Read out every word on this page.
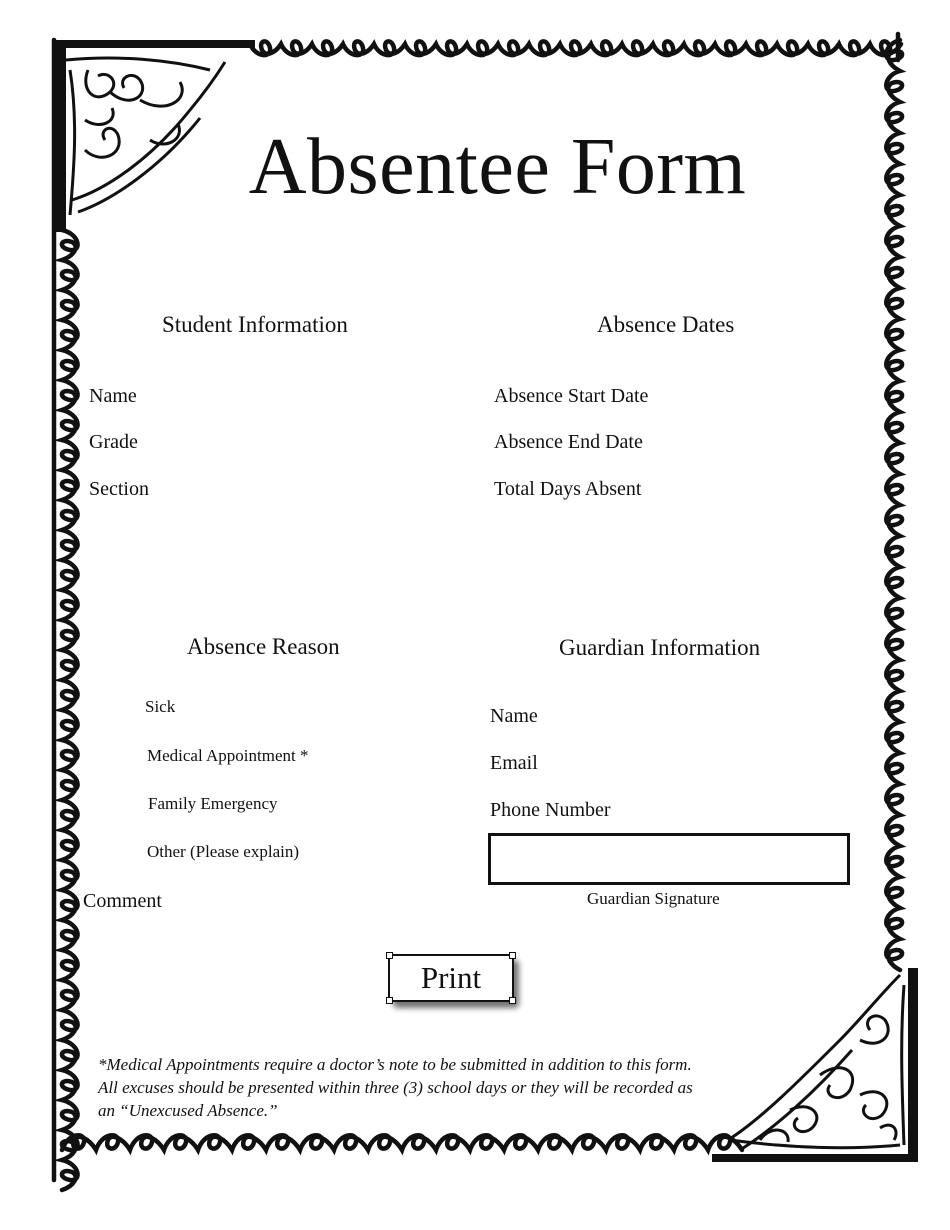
Absentee Form
Student Information
Name
Grade
Section
Absence Dates
Absence Start Date
Absence End Date
Total Days Absent
Absence Reason
Sick
Medical Appointment *
Family Emergency
Other (Please explain)
Comment
Guardian Information
Name
Email
Phone Number
Guardian Signature
Print
*Medical Appointments require a doctor’s note to be submitted in addition to this form.
All excuses should be presented within three (3) school days or they will be recorded as
an “Unexcused Absence.”
